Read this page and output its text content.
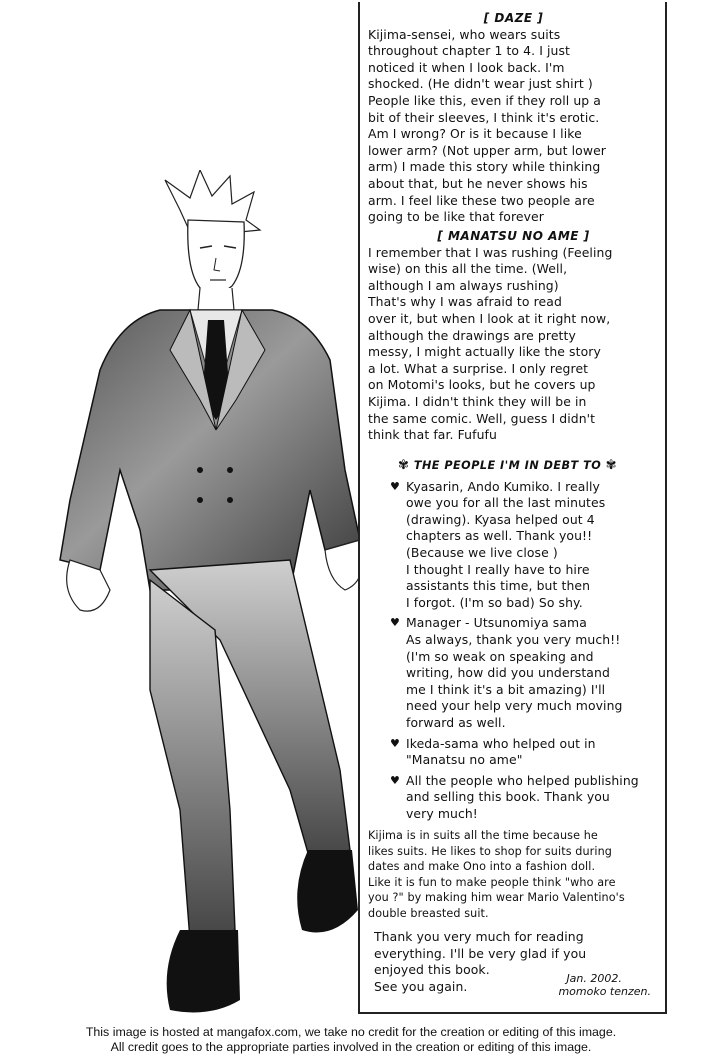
[ DAZE ]

Kijima-sensei, who wears suits
throughout chapter 1 to 4. I just
noticed it when I look back. I'm
shocked. (He didn't wear just shirt )
People like this, even if they roll up a
bit of their sleeves, I think it's erotic.
Am I wrong? Or is it because I like
lower arm? (Not upper arm, but lower
arm) I made this story while thinking
about that, but he never shows his
arm. I feel like these two people are
going to be like that forever

[ MANATSU NO AME ]

I remember that I was rushing (Feeling
wise) on this all the time. (Well,
although I am always rushing)
That's why I was afraid to read
over it, but when I look at it right now,
although the drawings are pretty
messy, I might actually like the story
a lot. What a surprise. I only regret
on Motomi's looks, but he covers up
Kijima. I didn't think they will be in
the same comic. Well, guess I didn't
think that far. Fufufu

✾ THE PEOPLE I'M IN DEBT TO ✾
♥ Kyasarin, Ando Kumiko. I really
owe you for all the last minutes
(drawing). Kyasa helped out 4
chapters as well. Thank you!!
(Because we live close )
I thought I really have to hire
assistants this time, but then
I forgot. (I'm so bad) So shy.
♥ Manager - Utsunomiya sama
As always, thank you very much!!
(I'm so weak on speaking and
writing, how did you understand
me I think it's a bit amazing) I'll
need your help very much moving
forward as well.
♥ Ikeda-sama who helped out in
"Manatsu no ame"
♥ All the people who helped publishing
and selling this book. Thank you
very much!
Kijima is in suits all the time because he
likes suits. He likes to shop for suits during
dates and make Ono into a fashion doll.
Like it is fun to make people think "who are
you ?" by making him wear Mario Valentino's
double breasted suit.
Thank you very much for reading
everything. I'll be very glad if you
enjoyed this book.
See you again.
Jan. 2002.
momoko tenzen.
This image is hosted at mangafox.com, we take no credit for the creation or editing of this image.
All credit goes to the appropriate parties involved in the creation or editing of this image.
